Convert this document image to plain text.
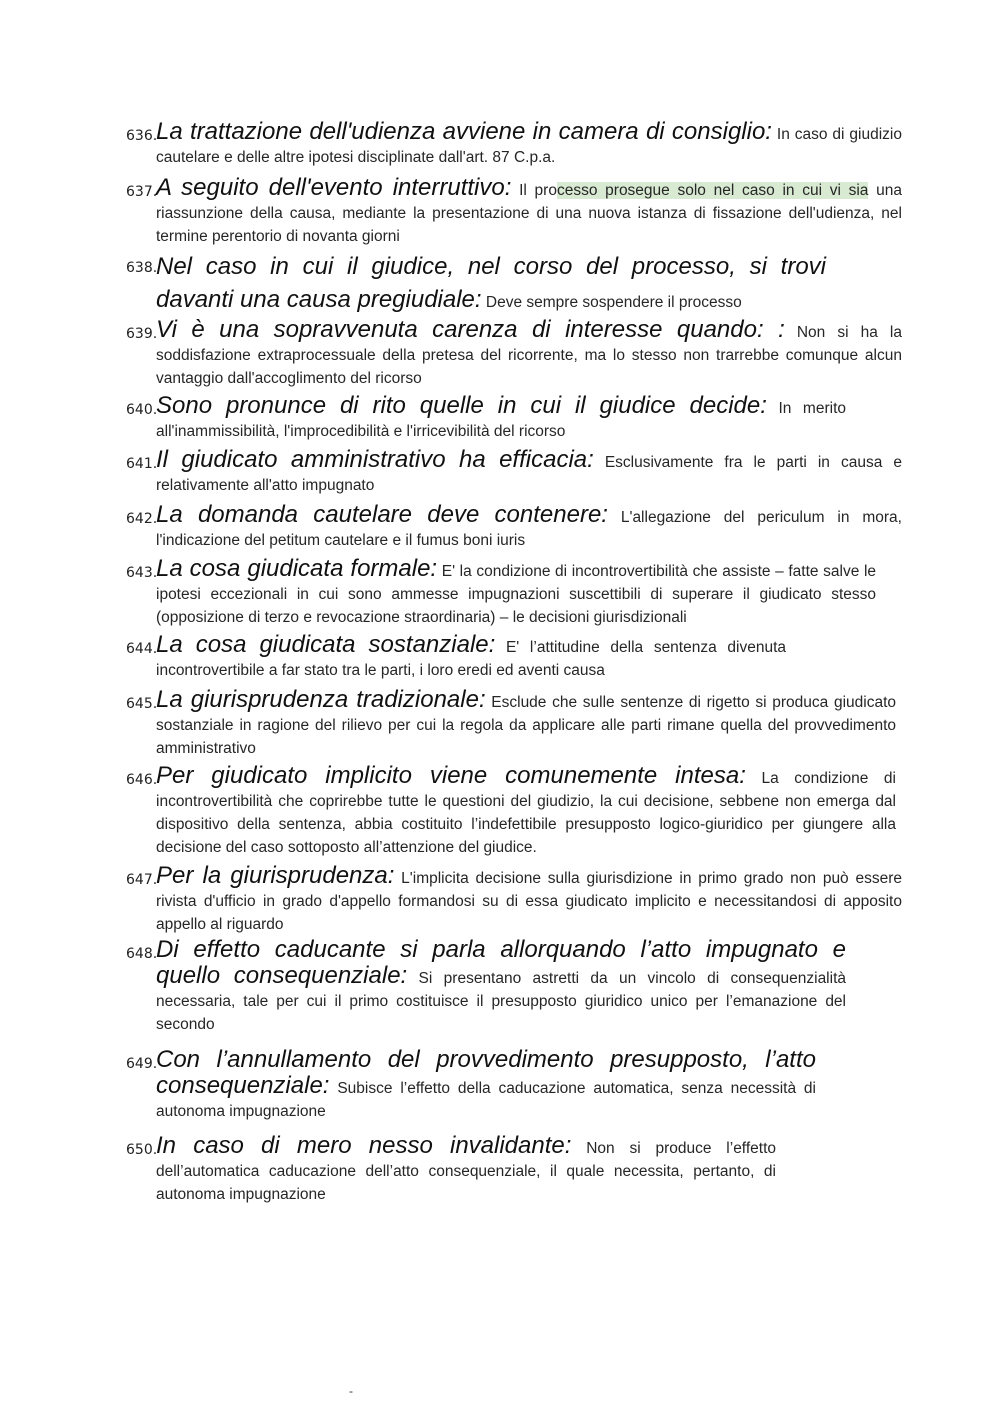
636.
La trattazione dell'udienza avviene in camera di consiglio: In caso di giudizio cautelare e delle altre ipotesi disciplinate dall'art. 87 C.p.a.
637.
A seguito dell'evento interruttivo: Il processo prosegue solo nel caso in cui vi sia una riassunzione della causa, mediante la presentazione di una nuova istanza di fissazione dell'udienza, nel termine perentorio di novanta giorni
638.
Nel caso in cui il giudice, nel corso del processo, si trovi davanti una causa pregiudiale: Deve sempre sospendere il processo
639.
Vi è una sopravvenuta carenza di interesse quando: : Non si ha la soddisfazione extraprocessuale della pretesa del ricorrente, ma lo stesso non trarrebbe comunque alcun vantaggio dall'accoglimento del ricorso
640.
Sono pronunce di rito quelle in cui il giudice decide: In merito all'inammissibilità, l'improcedibilità e l'irricevibilità del ricorso
641.
Il giudicato amministrativo ha efficacia: Esclusivamente fra le parti in causa e relativamente all'atto impugnato
642.
La domanda cautelare deve contenere: L'allegazione del periculum in mora, l'indicazione del petitum cautelare e il fumus boni iuris
643.
La cosa giudicata formale: E' la condizione di incontrovertibilità che assiste – fatte salve le ipotesi eccezionali in cui sono ammesse impugnazioni suscettibili di superare il giudicato stesso (opposizione di terzo e revocazione straordinaria) – le decisioni giurisdizionali
644.
La cosa giudicata sostanziale: E' l’attitudine della sentenza divenuta incontrovertibile a far stato tra le parti, i loro eredi ed aventi causa
645.
La giurisprudenza tradizionale: Esclude che sulle sentenze di rigetto si produca giudicato sostanziale in ragione del rilievo per cui la regola da applicare alle parti rimane quella del provvedimento amministrativo
646.
Per giudicato implicito viene comunemente intesa: La condizione di incontrovertibilità che coprirebbe tutte le questioni del giudizio, la cui decisione, sebbene non emerga dal dispositivo della sentenza, abbia costituito l’indefettibile presupposto logico-giuridico per giungere alla decisione del caso sottoposto all’attenzione del giudice.
647.
Per la giurisprudenza: L'implicita decisione sulla giurisdizione in primo grado non può essere rivista d'ufficio in grado d'appello formandosi su di essa giudicato implicito e necessitandosi di apposito appello al riguardo
648.
Di effetto caducante si parla allorquando l’atto impugnato e quello consequenziale: Si presentano astretti da un vincolo di consequenzialità necessaria, tale per cui il primo costituisce il presupposto giuridico unico per l’emanazione del secondo
649.
Con l’annullamento del provvedimento presupposto, l’atto consequenziale: Subisce l’effetto della caducazione automatica, senza necessità di autonoma impugnazione
650.
In caso di mero nesso invalidante: Non si produce l’effetto dell’automatica caducazione dell’atto consequenziale, il quale necessita, pertanto, di autonoma impugnazione
-
